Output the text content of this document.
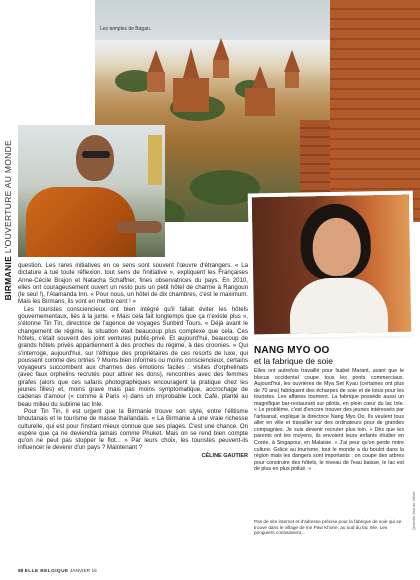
Les temples de Bagan.
BIRMANIE L'OUVERTURE AU MONDE

question. Les rares initiatives en ce sens sont souvent l'œuvre d'étrangers. « La dictature a tué toute réflexion, tout sens de l'initiative », expliquent les Françaises Anne-Cécile Brajon et Natacha Schaffner, fines observatrices du pays. En 2010, elles ont courageusement ouvert un resto puis un petit hôtel de charme à Rangoun (le seul !), l'Alamanda Inn. « Pour nous, un hôtel de dix chambres, c'est le maximum. Mais les Birmans, ils vont en mettre cent ! »

Les touristes consciencieux ont bien intégré qu'il fallait éviter les hôtels gouvernementaux, liés à la junte. « Mais cela fait longtemps que ça n'existe plus », s'étonne Tin Tin, directrice de l'agence de voyages Sunbird Tours. « Déjà avant le changement de régime, la situation était beaucoup plus complexe que cela. Ces hôtels, c'était souvent des joint ventures public-privé. Et aujourd'hui, beaucoup de grands hôtels privés appartiennent à des proches du régime, à des croonies. » Qui s'interroge, aujourd'hui, sur l'éthique des propriétaires de ces resorts de luxe, qui poussent comme des ortries ? Moins bien informés ou moins consciencieux, certains voyageurs succombent aux charmes des émotions faciles : visites d'orphelinats (avec faux orphelins recrutés pour attirer les dons), rencontres avec des femmes girafes (alors que ces safaris photographiques encouragent la pratique chez les jeunes filles) et, moins grave mais pas moins symptomatique, accrochage de cadenas d'amour (« comme à Paris ») dans un improbable Lock Café, planté au beau milieu du sublime lac Inle.

Pour Tin Tin, il est urgent que la Birmanie trouve son style, entre l'élitisme bhoutanais et le tourisme de masse thaïlandais. « La Birmanie a une vraie richesse culturelle, qui est pour l'instant mieux connue que ses plages. C'est une chance. On espère que ça ne deviendra jamais comme Phuket. Mais on se rend bien compte qu'on ne peut pas stopper le flot... » Par leurs choix, les touristes peuvent-ils influencer le devenir d'un pays ? Maintenant ?

CÉLINE GAUTIER
NANG MYO OO
et la fabrique de soie
Elles ont autrefois travaillé pour Isabel Marant, avant que le blocus occidental coupe tous les ponts commerciaux. Aujourd'hui, les ouvrières de Mya Set Kyau (certaines ont plus de 70 ans) fabriquent des écharpes de soie et de lotus pour les touristes. Les affaires tournent. La fabrique possède aussi un magnifique bar-restaurant sur pilotis, en plein cœur du lac Inle. « Le problème, c'est d'encore trouver des jeunes intéressés par l'artisanat, explique la directrice Nang Myo Oo. Ils veulent tous aller en ville et travailler sur des ordinateurs pour de grandes compagnies. Je suis devenir recruter plus loin. » Dès que les parents ont les moyens, ils envoient leurs enfants étudier en Corée, à Singapour, en Malaisie. « J'ai peur qu'on perde notre culture. Grâce au tourisme, tout le monde a du boulot dans la région mais les dangers sont importants : on coupe des arbres pour construire des hôtels, le niveau de l'eau baisse, le lac est de plus en plus pollué. »
Pas de site internet et d'adresse précise pour la fabrique de soie qui se trouve dans le village de Inn Paw Khone, au sud du lac Inle. Les piroguiers connaissent...
Quentin Van de Velde
88 ELLE BELGIQUE JANVIER 15
